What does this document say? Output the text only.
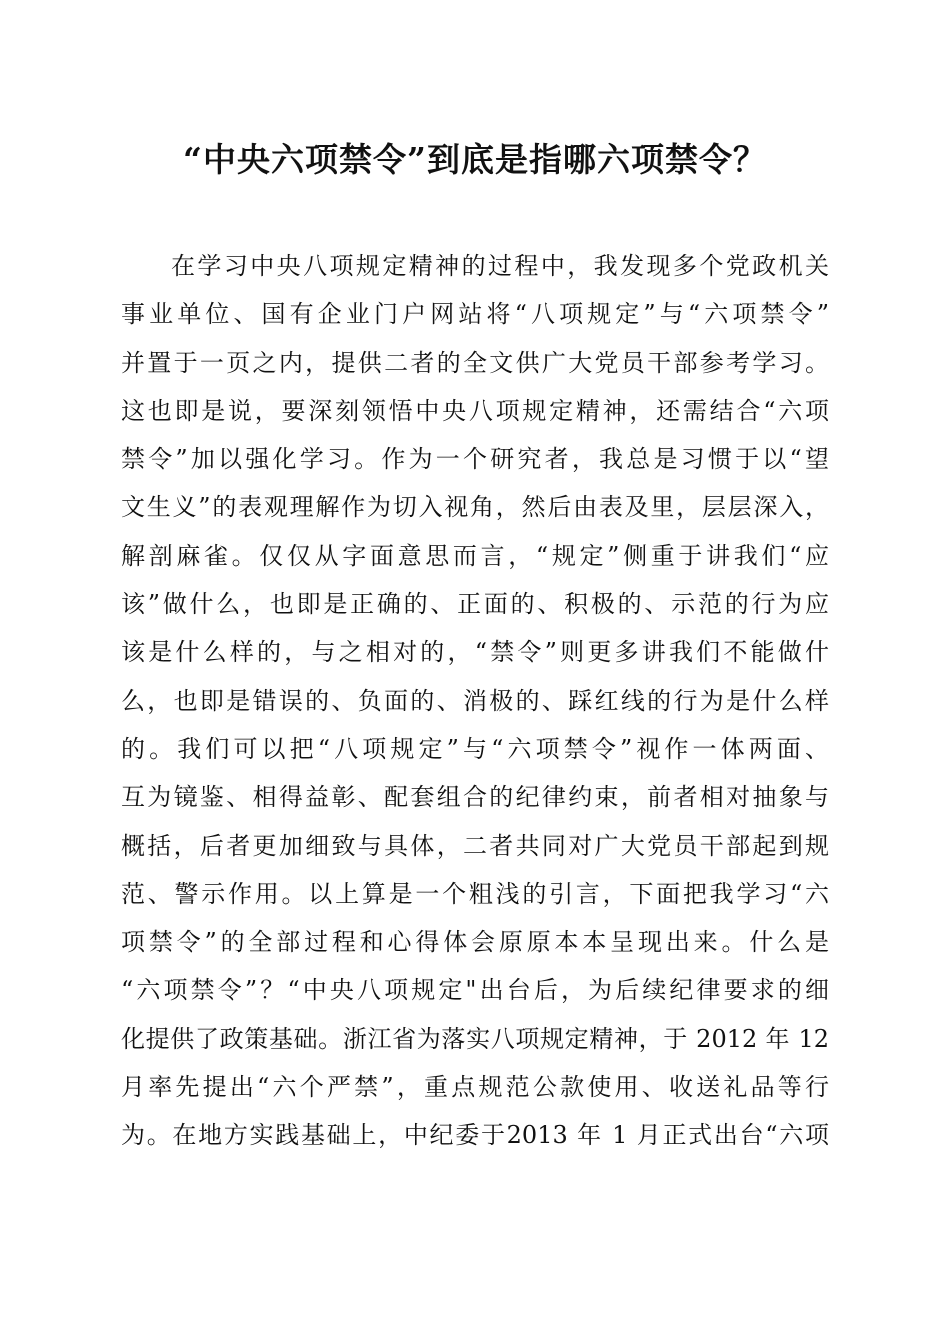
“中央六项禁令”到底是指哪六项禁令？
在学习中央八项规定精神的过程中，我发现多个党政机关
事业单位、国有企业门户网站将“八项规定”与“六项禁令”
并置于一页之内，提供二者的全文供广大党员干部参考学习。
这也即是说，要深刻领悟中央八项规定精神，还需结合“六项
禁令”加以强化学习。作为一个研究者，我总是习惯于以“望
文生义”的表观理解作为切入视角，然后由表及里，层层深入，
解剖麻雀。仅仅从字面意思而言，“规定”侧重于讲我们“应
该”做什么，也即是正确的、正面的、积极的、示范的行为应
该是什么样的，与之相对的，“禁令”则更多讲我们不能做什
么，也即是错误的、负面的、消极的、踩红线的行为是什么样
的。我们可以把“八项规定”与“六项禁令”视作一体两面、
互为镜鉴、相得益彰、配套组合的纪律约束，前者相对抽象与
概括，后者更加细致与具体，二者共同对广大党员干部起到规
范、警示作用。以上算是一个粗浅的引言，下面把我学习“六
项禁令”的全部过程和心得体会原原本本呈现出来。什么是
“六项禁令”？“中央八项规定"出台后，为后续纪律要求的细
化提供了政策基础。浙江省为落实八项规定精神，于 2012 年 12
月率先提出“六个严禁”，重点规范公款使用、收送礼品等行
为。在地方实践基础上，中纪委于2013 年 1 月正式出台“六项
